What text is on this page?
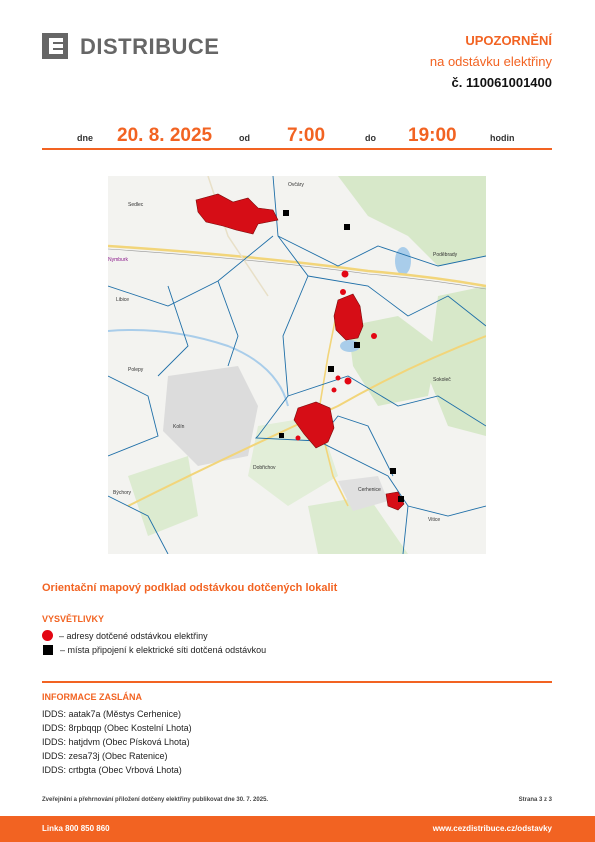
DISTRIBUCE	UPOZORNĚNÍ
na odstávku elektřiny
č. 110061001400
dne 20. 8. 2025	od 7:00	do 19:00	hodin
Sedlec
Ovčáry
Nymburk
Libice
Polepy
Kolín
Dobřichov
Býchory
Poděbrady
Sokoleč
Cerhenice
Vitice
Orientační mapový podklad odstávkou dotčených lokalit
VYSVĚTLIVKY
– adresy dotčené odstávkou elektřiny
– místa připojení k elektrické síti dotčená odstávkou
INFORMACE ZASLÁNA
IDDS: aatak7a (Městys Cerhenice)
IDDS: 8rpbqqp (Obec Kostelní Lhota)
IDDS: hatjdvm (Obec Písková Lhota)
IDDS: zesa73j (Obec Ratenice)
IDDS: crtbgta (Obec Vrbová Lhota)
Zveřejnění a přehrnování přiložení dotčeny elektřiny publikovat dne 30. 7. 2025.	Strana 3 z 3
Linka 800 850 860	www.cezdistribuce.cz/odstavky
